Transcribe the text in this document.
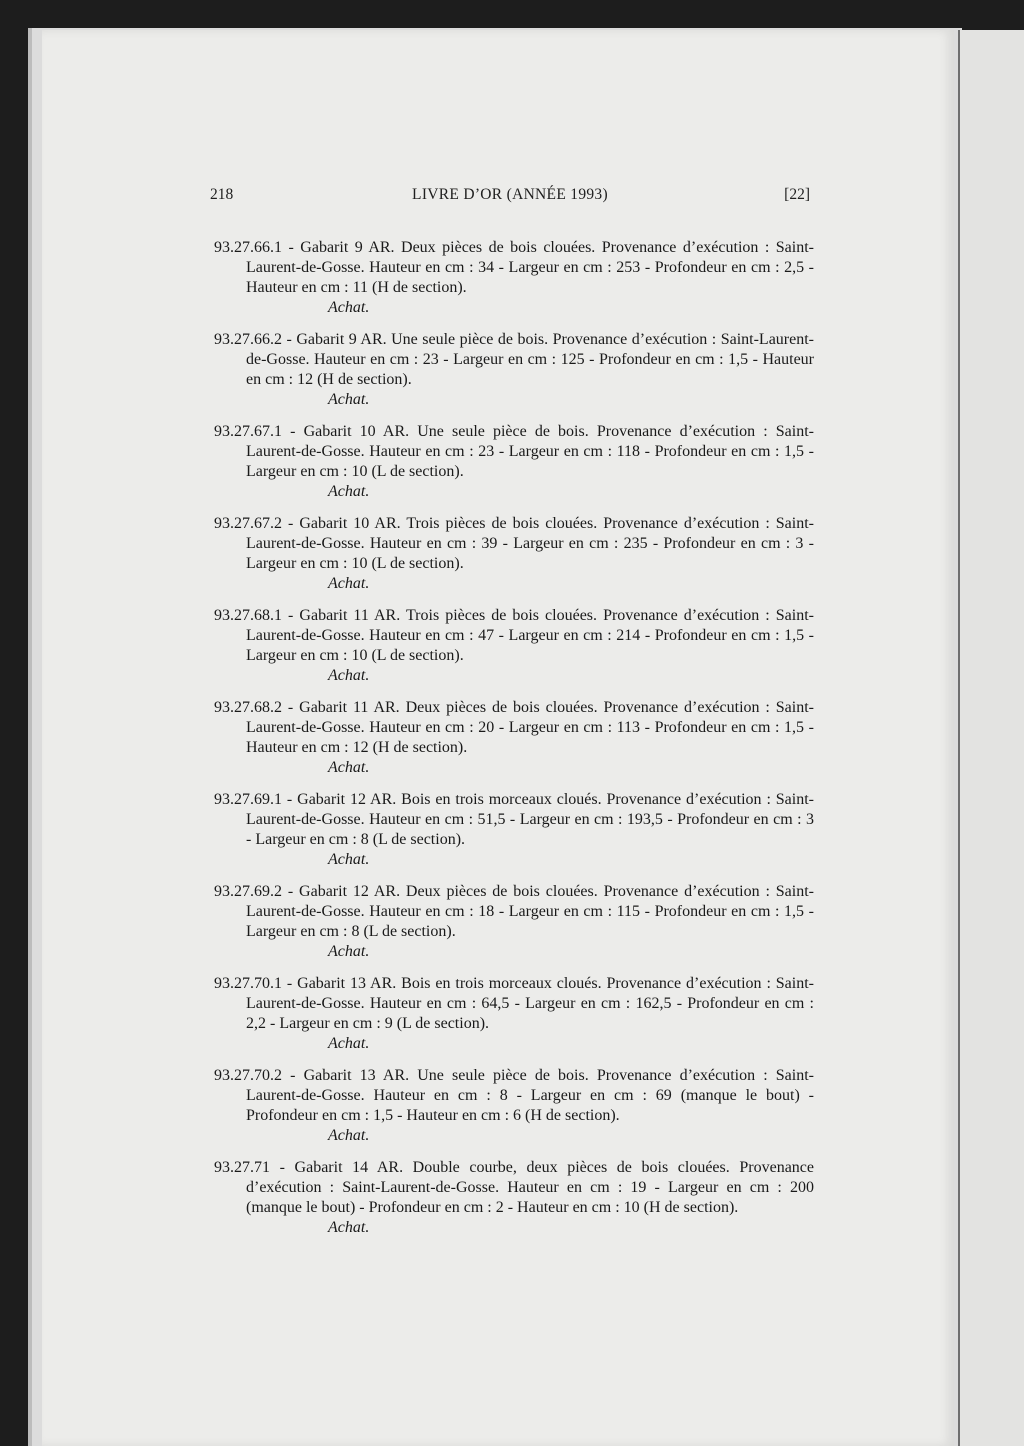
218	LIVRE D’OR (ANNÉE 1993)	[22]
93.27.66.1 - Gabarit 9 AR. Deux pièces de bois clouées. Provenance d’exécution : Saint-Laurent-de-Gosse. Hauteur en cm : 34 - Largeur en cm : 253 - Profondeur en cm : 2,5 - Hauteur en cm : 11 (H de section).
Achat.
93.27.66.2 - Gabarit 9 AR. Une seule pièce de bois. Provenance d’exécution : Saint-Laurent-de-Gosse. Hauteur en cm : 23 - Largeur en cm : 125 - Profondeur en cm : 1,5 - Hauteur en cm : 12 (H de section).
Achat.
93.27.67.1 - Gabarit 10 AR. Une seule pièce de bois. Provenance d’exécution : Saint-Laurent-de-Gosse. Hauteur en cm : 23 - Largeur en cm : 118 - Profondeur en cm : 1,5 - Largeur en cm : 10 (L de section).
Achat.
93.27.67.2 - Gabarit 10 AR. Trois pièces de bois clouées. Provenance d’exécution : Saint-Laurent-de-Gosse. Hauteur en cm : 39 - Largeur en cm : 235 - Profondeur en cm : 3 - Largeur en cm : 10 (L de section).
Achat.
93.27.68.1 - Gabarit 11 AR. Trois pièces de bois clouées. Provenance d’exécution : Saint-Laurent-de-Gosse. Hauteur en cm : 47 - Largeur en cm : 214 - Profondeur en cm : 1,5 - Largeur en cm : 10 (L de section).
Achat.
93.27.68.2 - Gabarit 11 AR. Deux pièces de bois clouées. Provenance d’exécution : Saint-Laurent-de-Gosse. Hauteur en cm : 20 - Largeur en cm : 113 - Profondeur en cm : 1,5 - Hauteur en cm : 12 (H de section).
Achat.
93.27.69.1 - Gabarit 12 AR. Bois en trois morceaux cloués. Provenance d’exécution : Saint-Laurent-de-Gosse. Hauteur en cm : 51,5 - Largeur en cm : 193,5 - Profondeur en cm : 3 - Largeur en cm : 8 (L de section).
Achat.
93.27.69.2 - Gabarit 12 AR. Deux pièces de bois clouées. Provenance d’exécution : Saint-Laurent-de-Gosse. Hauteur en cm : 18 - Largeur en cm : 115 - Profondeur en cm : 1,5 - Largeur en cm : 8 (L de section).
Achat.
93.27.70.1 - Gabarit 13 AR. Bois en trois morceaux cloués. Provenance d’exécution : Saint-Laurent-de-Gosse. Hauteur en cm : 64,5 - Largeur en cm : 162,5 - Profondeur en cm : 2,2 - Largeur en cm : 9 (L de section).
Achat.
93.27.70.2 - Gabarit 13 AR. Une seule pièce de bois. Provenance d’exécution : Saint-Laurent-de-Gosse. Hauteur en cm : 8 - Largeur en cm : 69 (manque le bout) - Profondeur en cm : 1,5 - Hauteur en cm : 6 (H de section).
Achat.
93.27.71 - Gabarit 14 AR. Double courbe, deux pièces de bois clouées. Provenance d’exécution : Saint-Laurent-de-Gosse. Hauteur en cm : 19 - Largeur en cm : 200 (manque le bout) - Profondeur en cm : 2 - Hauteur en cm : 10 (H de section).
Achat.
